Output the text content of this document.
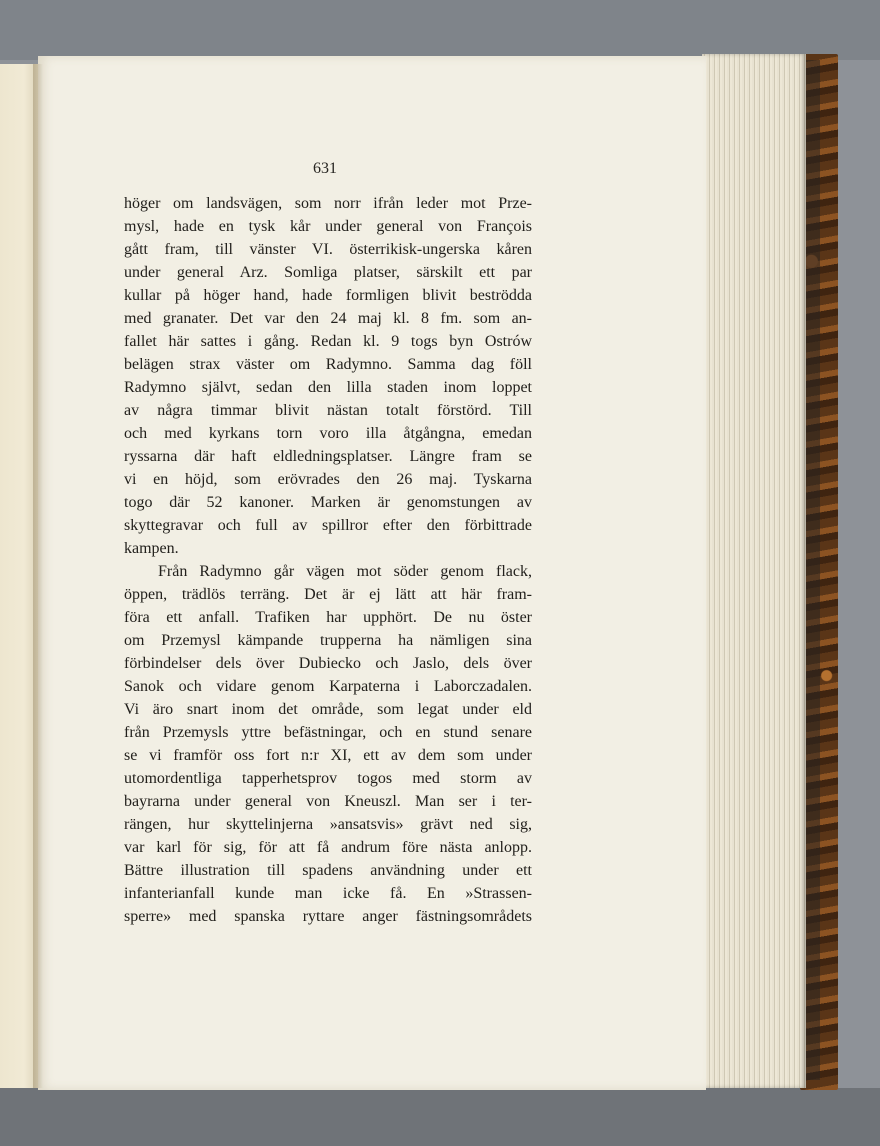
631
höger om landsvägen, som norr ifrån leder mot Prze-
mysl, hade en tysk kår under general von François
gått fram, till vänster VI. österrikisk-ungerska kåren
under general Arz. Somliga platser, särskilt ett par
kullar på höger hand, hade formligen blivit beströdda
med granater. Det var den 24 maj kl. 8 fm. som an-
fallet här sattes i gång. Redan kl. 9 togs byn Ostrów
belägen strax väster om Radymno. Samma dag föll
Radymno självt, sedan den lilla staden inom loppet
av några timmar blivit nästan totalt förstörd. Till
och med kyrkans torn voro illa åtgångna, emedan
ryssarna där haft eldledningsplatser. Längre fram se
vi en höjd, som erövrades den 26 maj. Tyskarna
togo där 52 kanoner. Marken är genomstungen av
skyttegravar och full av spillror efter den förbittrade
kampen.
Från Radymno går vägen mot söder genom flack,
öppen, trädlös terräng. Det är ej lätt att här fram-
föra ett anfall. Trafiken har upphört. De nu öster
om Przemysl kämpande trupperna ha nämligen sina
förbindelser dels över Dubiecko och Jaslo, dels över
Sanok och vidare genom Karpaterna i Laborczadalen.
Vi äro snart inom det område, som legat under eld
från Przemysls yttre befästningar, och en stund senare
se vi framför oss fort n:r XI, ett av dem som under
utomordentliga tapperhetsprov togos med storm av
bayrarna under general von Kneuszl. Man ser i ter-
rängen, hur skyttelinjerna »ansatsvis» grävt ned sig,
var karl för sig, för att få andrum före nästa anlopp.
Bättre illustration till spadens användning under ett
infanterianfall kunde man icke få. En »Strassen-
sperre» med spanska ryttare anger fästningsområdets
